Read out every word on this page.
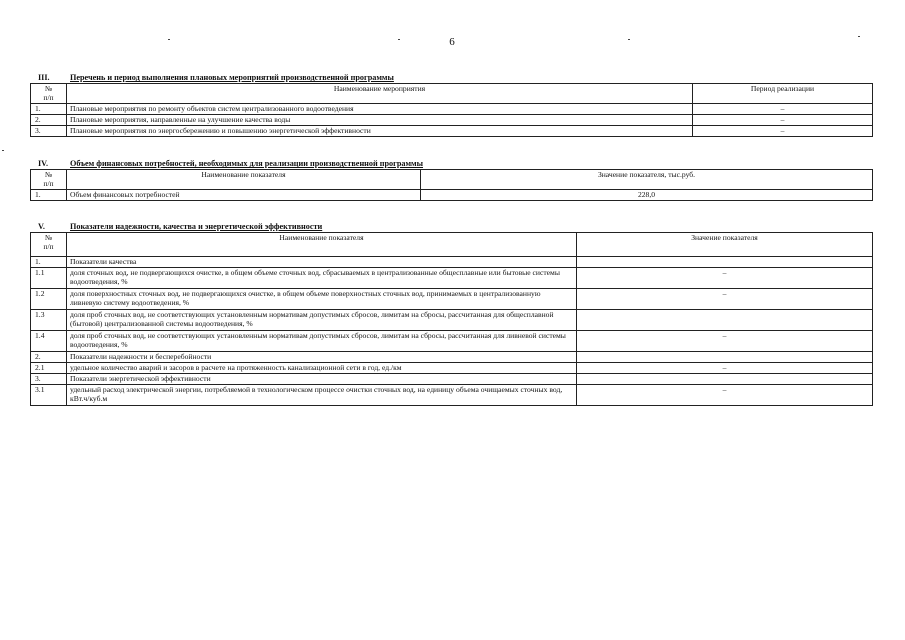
6
III. Перечень и период выполнения плановых мероприятий производственной программы
№
п/п	Наименование мероприятия	Период реализации
1.	Плановые мероприятия по ремонту объектов систем централизованного водоотведения	–
2.	Плановые мероприятия, направленные на улучшение качества воды	–
3.	Плановые мероприятия по энергосбережению и повышению энергетической эффективности	–
IV.	Объем финансовых потребностей, необходимых для реализации производственной программы
№
п/п	Наименование показателя	Значение показателя, тыс.руб.
1.	Объем финансовых потребностей	228,0
V.	Показатели надежности, качества и энергетической эффективности
№
п/п	Наименование показателя	Значение показателя
1.	Показатели качества	
1.1	доля сточных вод, не подвергающихся очистке, в общем объеме сточных вод, сбрасываемых в централизованные общесплавные или бытовые системы водоотведения, %	–
1.2	доля поверхностных сточных вод, не подвергающихся очистке, в общем объеме поверхностных сточных вод, принимаемых в централизованную ливневую систему водоотведения, %	–
1.3	доля проб сточных вод, не соответствующих установленным нормативам допустимых сбросов, лимитам на сбросы, рассчитанная для общесплавной (бытовой) централизованной системы водоотведения, %	
1.4	доля проб сточных вод, не соответствующих установленным нормативам допустимых сбросов, лимитам на сбросы, рассчитанная для ливневой системы водоотведения, %	–
2.	Показатели надежности и бесперебойности	
2.1	удельное количество аварий и засоров в расчете на протяженность канализационной сети в год, ед./км	–
3.	Показатели энергетической эффективности	
3.1	удельный расход электрической энергии, потребляемой в технологическом процессе очистки сточных вод, на единицу объема очищаемых сточных вод, кВт.ч/куб.м	–
